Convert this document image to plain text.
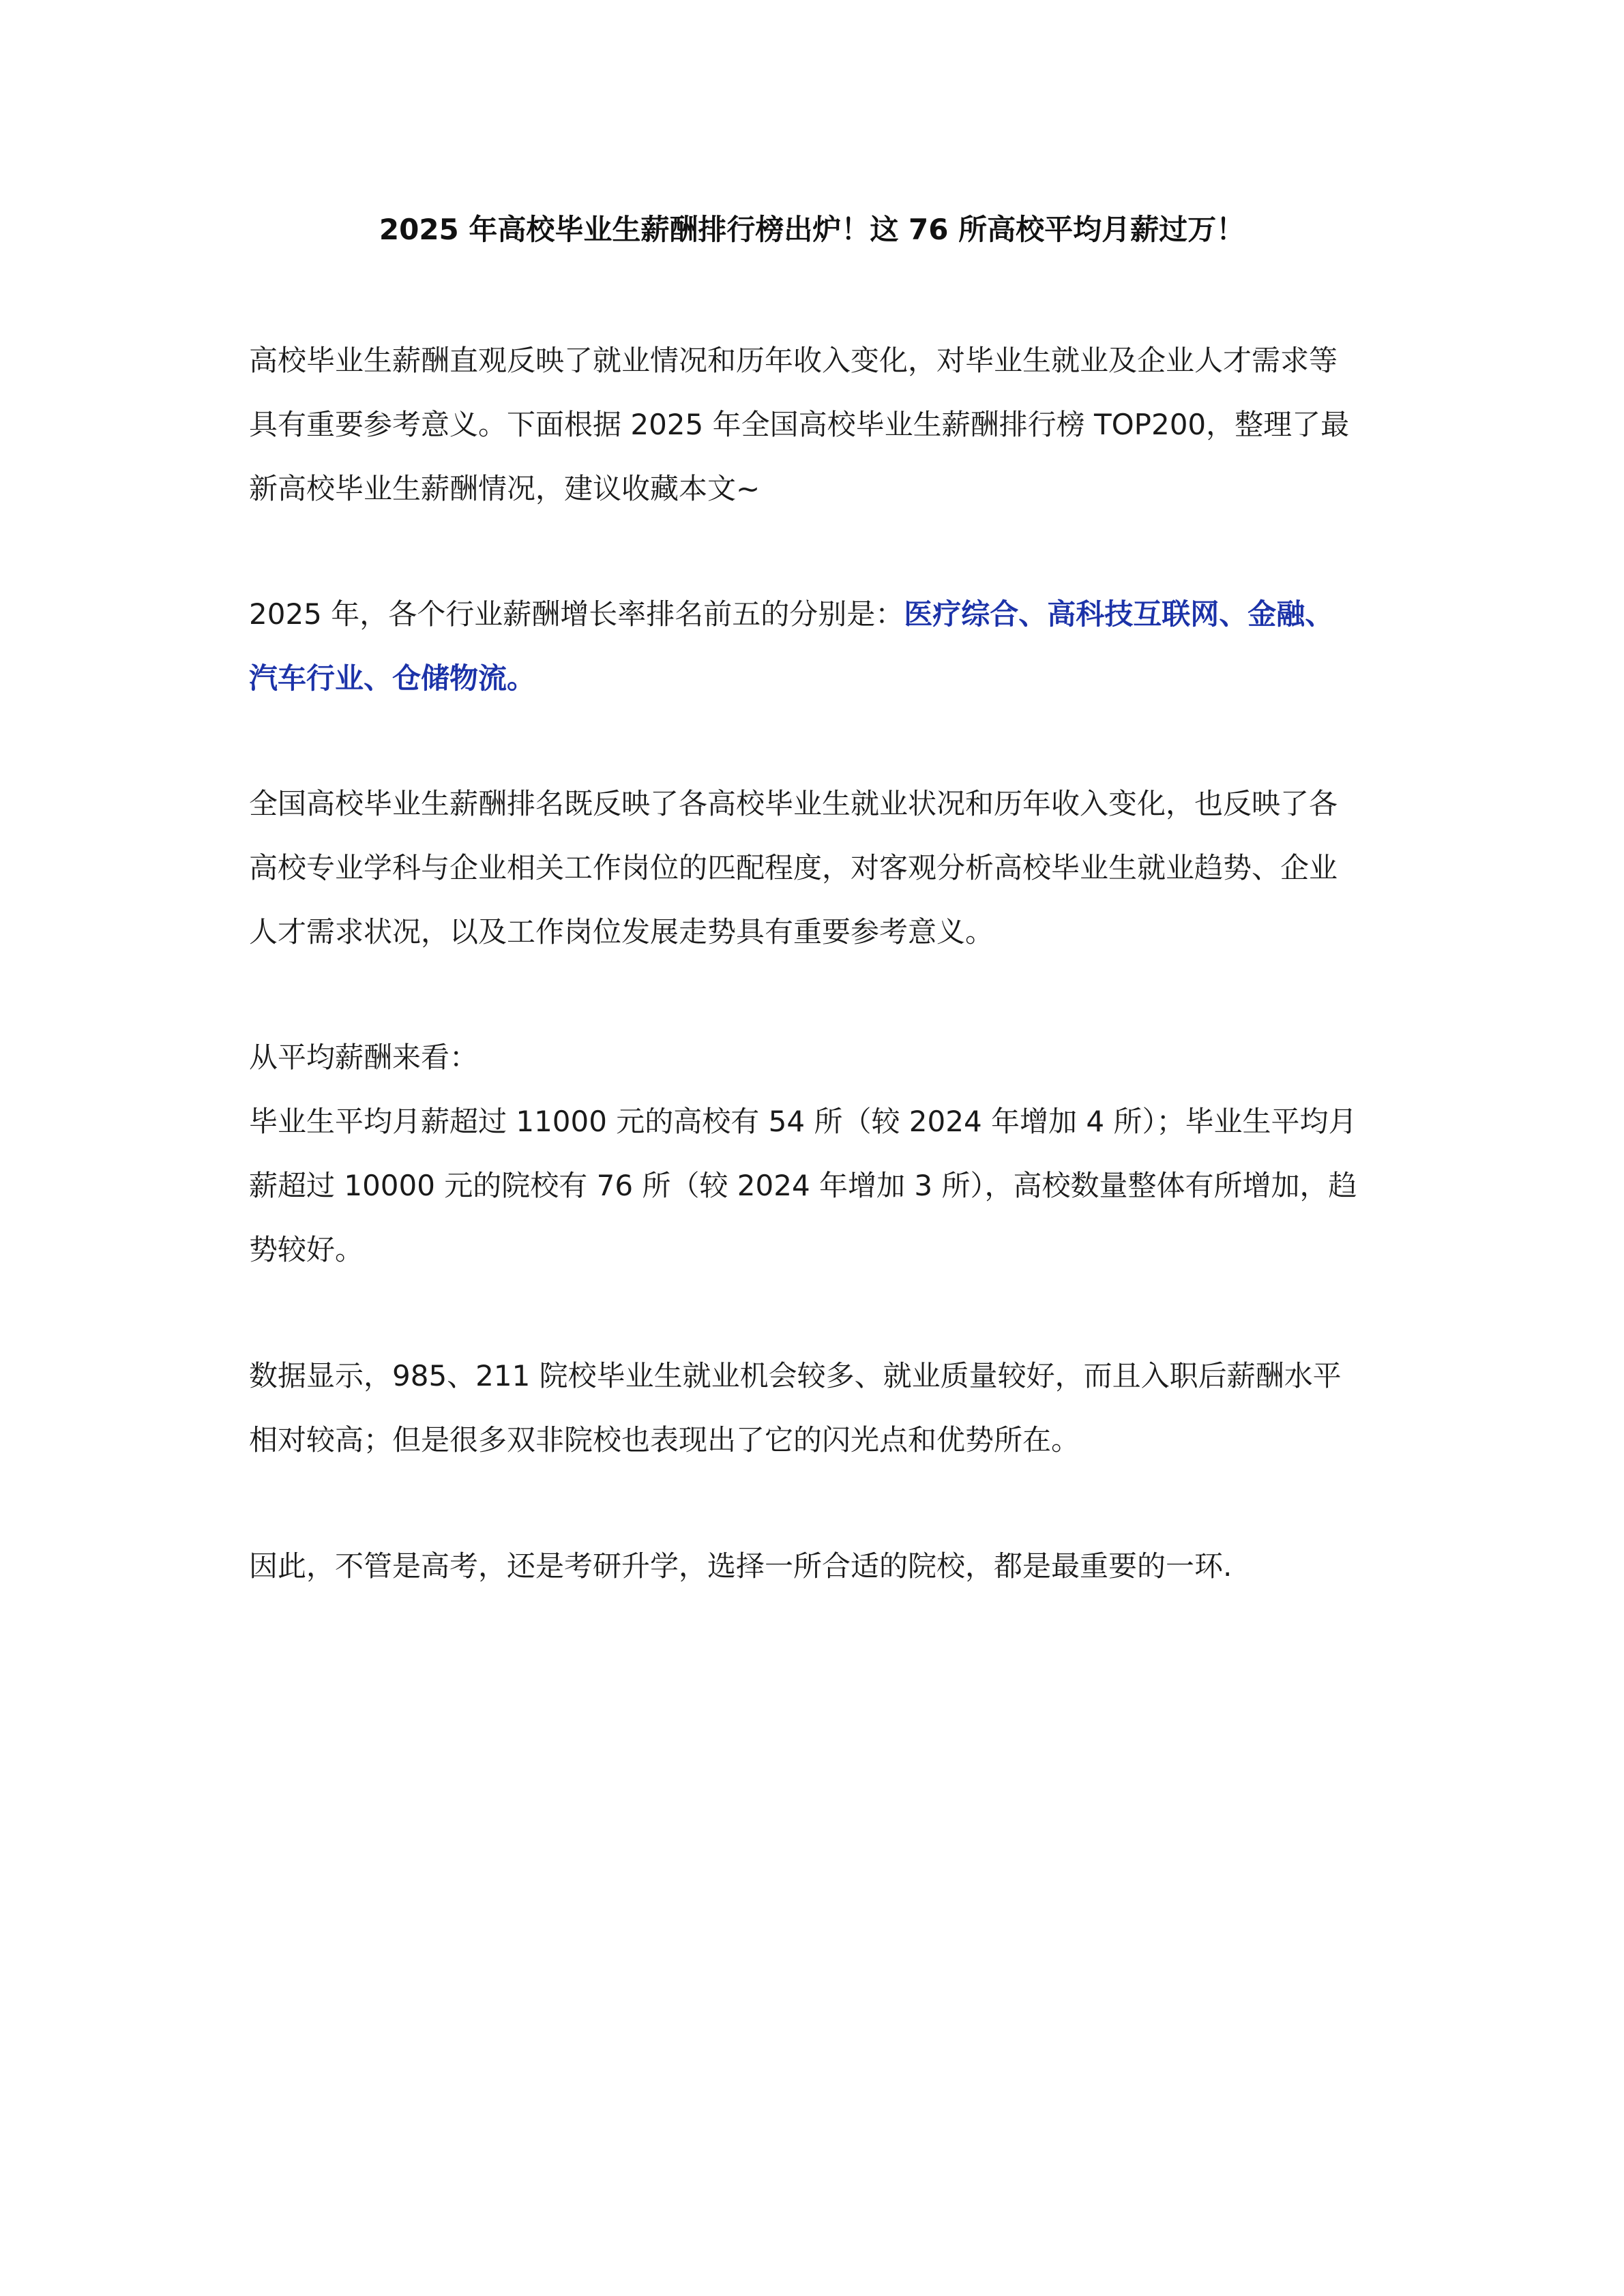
2025 年高校毕业生薪酬排行榜出炉！这 76 所高校平均月薪过万！
高校毕业生薪酬直观反映了就业情况和历年收入变化，对毕业生就业及企业人才需求等
具有重要参考意义。下面根据 2025 年全国高校毕业生薪酬排行榜 TOP200，整理了最
新高校毕业生薪酬情况，建议收藏本文~
2025 年，各个行业薪酬增长率排名前五的分别是：医疗综合、高科技互联网、金融、
汽车行业、仓储物流。
全国高校毕业生薪酬排名既反映了各高校毕业生就业状况和历年收入变化，也反映了各
高校专业学科与企业相关工作岗位的匹配程度，对客观分析高校毕业生就业趋势、企业
人才需求状况，以及工作岗位发展走势具有重要参考意义。
从平均薪酬来看：
毕业生平均月薪超过 11000 元的高校有 54 所（较 2024 年增加 4 所）；毕业生平均月
薪超过 10000 元的院校有 76 所（较 2024 年增加 3 所），高校数量整体有所增加，趋
势较好。
数据显示，985、211 院校毕业生就业机会较多、就业质量较好，而且入职后薪酬水平
相对较高；但是很多双非院校也表现出了它的闪光点和优势所在。
因此，不管是高考，还是考研升学，选择一所合适的院校，都是最重要的一环.
